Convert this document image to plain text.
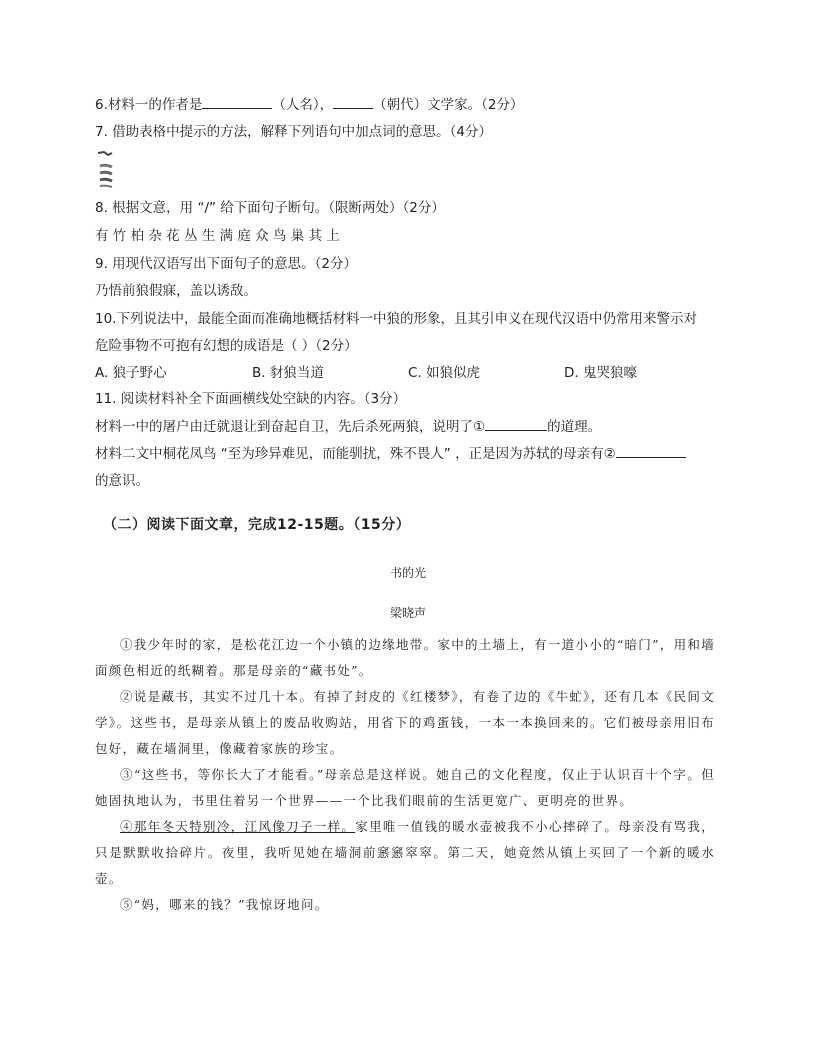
6.材料一的作者是	（人名），	（朝代）文学家。（2分）
7. 借助表格中提示的方法，解释下列语句中加点词的意思。（4分）
8. 根据文意，用 “/” 给下面句子断句。（限断两处）（2分）
有 竹 柏 杂 花 丛 生 满 庭 众 鸟 巢 其 上
9. 用现代汉语写出下面句子的意思。（2分）
乃悟前狼假寐，盖以诱敌。
10.下列说法中，最能全面而准确地概括材料一中狼的形象，且其引申义在现代汉语中仍常用来警示对
危险事物不可抱有幻想的成语是（ ）（2分）
A. 狼子野心	B. 豺狼当道	C. 如狼似虎	D. 鬼哭狼嚎
11. 阅读材料补全下面画横线处空缺的内容。（3分）
材料一中的屠户由迁就退让到奋起自卫，先后杀死两狼，说明了①	的道理。
材料二文中桐花凤鸟 “至为珍异难见，而能驯扰，殊不畏人” ，正是因为苏轼的母亲有②
的意识。
（二）阅读下面文章，完成12-15题。（15分）
书的光
梁晓声

①我少年时的家，是松花江边一个小镇的边缘地带。家中的土墙上，有一道小小的“暗门”，用和墙面颜色相近的纸糊着。那是母亲的“藏书处”。

②说是藏书，其实不过几十本。有掉了封皮的《红楼梦》，有卷了边的《牛虻》，还有几本《民间文学》。这些书，是母亲从镇上的废品收购站，用省下的鸡蛋钱，一本一本换回来的。它们被母亲用旧布包好，藏在墙洞里，像藏着家族的珍宝。

③“这些书，等你长大了才能看。”母亲总是这样说。她自己的文化程度，仅止于认识百十个字。但她固执地认为，书里住着另一个世界——一个比我们眼前的生活更宽广、更明亮的世界。

④那年冬天特别冷，江风像刀子一样。家里唯一值钱的暖水壶被我不小心摔碎了。母亲没有骂我，只是默默收拾碎片。夜里，我听见她在墙洞前窸窸窣窣。第二天，她竟然从镇上买回了一个新的暖水壶。

⑤“妈，哪来的钱？”我惊讶地问。
